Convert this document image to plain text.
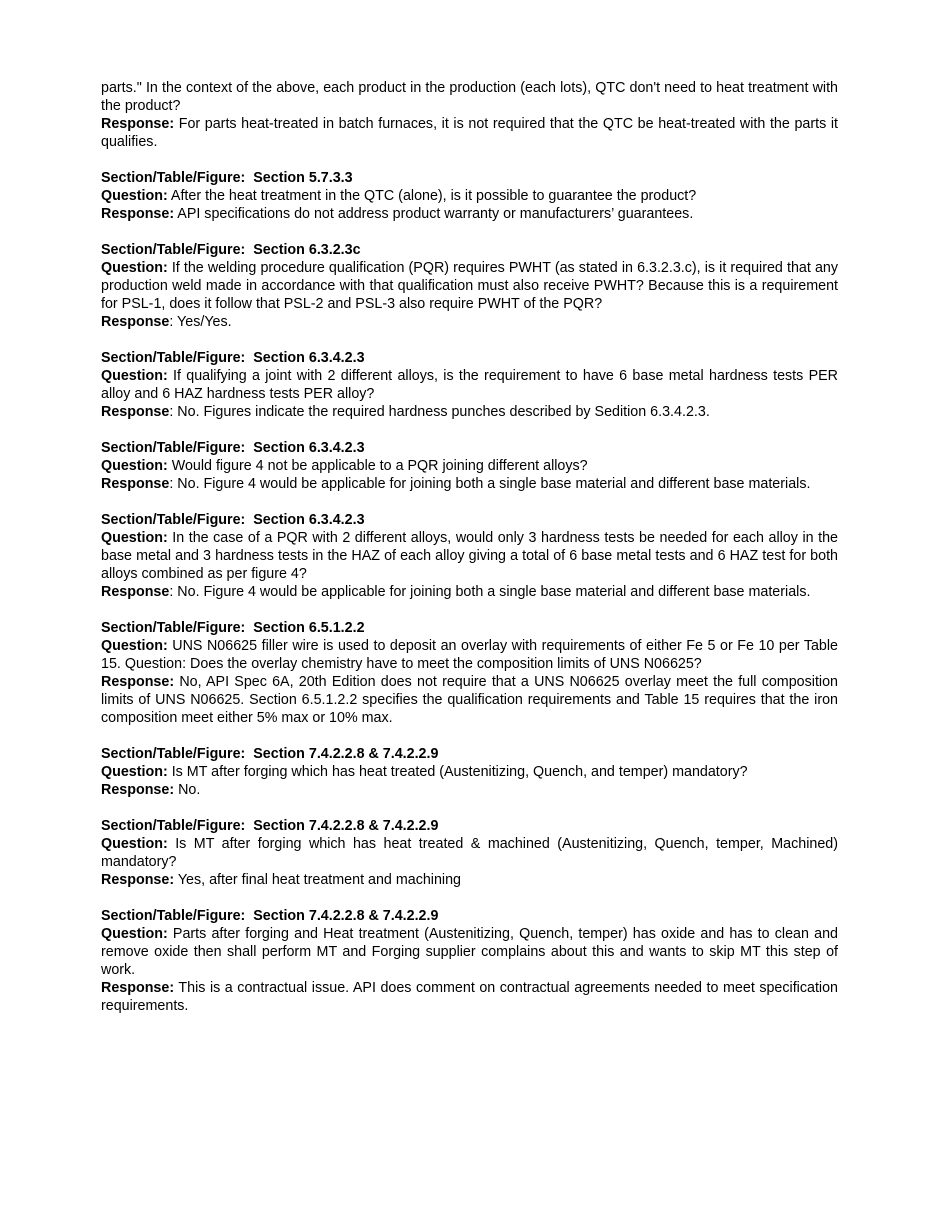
parts." In the context of the above, each product in the production (each lots), QTC don't need to heat treatment with the product?
Response: For parts heat-treated in batch furnaces, it is not required that the QTC be heat-treated with the parts it qualifies.
Section/Table/Figure: Section 5.7.3.3
Question: After the heat treatment in the QTC (alone), is it possible to guarantee the product?
Response: API specifications do not address product warranty or manufacturers’ guarantees.
Section/Table/Figure: Section 6.3.2.3c
Question: If the welding procedure qualification (PQR) requires PWHT (as stated in 6.3.2.3.c), is it required that any production weld made in accordance with that qualification must also receive PWHT? Because this is a requirement for PSL-1, does it follow that PSL-2 and PSL-3 also require PWHT of the PQR?
Response: Yes/Yes.
Section/Table/Figure: Section 6.3.4.2.3
Question: If qualifying a joint with 2 different alloys, is the requirement to have 6 base metal hardness tests PER alloy and 6 HAZ hardness tests PER alloy?
Response: No. Figures indicate the required hardness punches described by Sedition 6.3.4.2.3.
Section/Table/Figure: Section 6.3.4.2.3
Question: Would figure 4 not be applicable to a PQR joining different alloys?
Response: No. Figure 4 would be applicable for joining both a single base material and different base materials.
Section/Table/Figure: Section 6.3.4.2.3
Question: In the case of a PQR with 2 different alloys, would only 3 hardness tests be needed for each alloy in the base metal and 3 hardness tests in the HAZ of each alloy giving a total of 6 base metal tests and 6 HAZ test for both alloys combined as per figure 4?
Response: No. Figure 4 would be applicable for joining both a single base material and different base materials.
Section/Table/Figure: Section 6.5.1.2.2
Question: UNS N06625 filler wire is used to deposit an overlay with requirements of either Fe 5 or Fe 10 per Table 15. Question: Does the overlay chemistry have to meet the composition limits of UNS N06625?
Response: No, API Spec 6A, 20th Edition does not require that a UNS N06625 overlay meet the full composition limits of UNS N06625. Section 6.5.1.2.2 specifies the qualification requirements and Table 15 requires that the iron composition meet either 5% max or 10% max.
Section/Table/Figure: Section 7.4.2.2.8 & 7.4.2.2.9
Question: Is MT after forging which has heat treated (Austenitizing, Quench, and temper) mandatory?
Response: No.
Section/Table/Figure: Section 7.4.2.2.8 & 7.4.2.2.9
Question: Is MT after forging which has heat treated & machined (Austenitizing, Quench, temper, Machined) mandatory?
Response: Yes, after final heat treatment and machining
Section/Table/Figure: Section 7.4.2.2.8 & 7.4.2.2.9
Question: Parts after forging and Heat treatment (Austenitizing, Quench, temper) has oxide and has to clean and remove oxide then shall perform MT and Forging supplier complains about this and wants to skip MT this step of work.
Response: This is a contractual issue. API does comment on contractual agreements needed to meet specification requirements.
